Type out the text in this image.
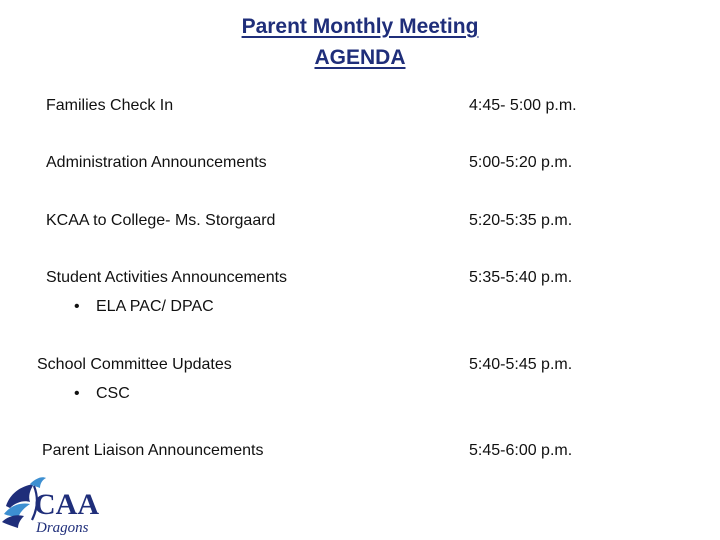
Parent Monthly Meeting
AGENDA
Families Check In	4:45- 5:00 p.m.
Administration Announcements	5:00-5:20 p.m.
KCAA to College- Ms. Storgaard	5:20-5:35 p.m.
Student Activities Announcements	5:35-5:40 p.m.
• ELA PAC/ DPAC
School Committee Updates	5:40-5:45 p.m.
• CSC
Parent Liaison Announcements	5:45-6:00 p.m.
CAA
Dragons
